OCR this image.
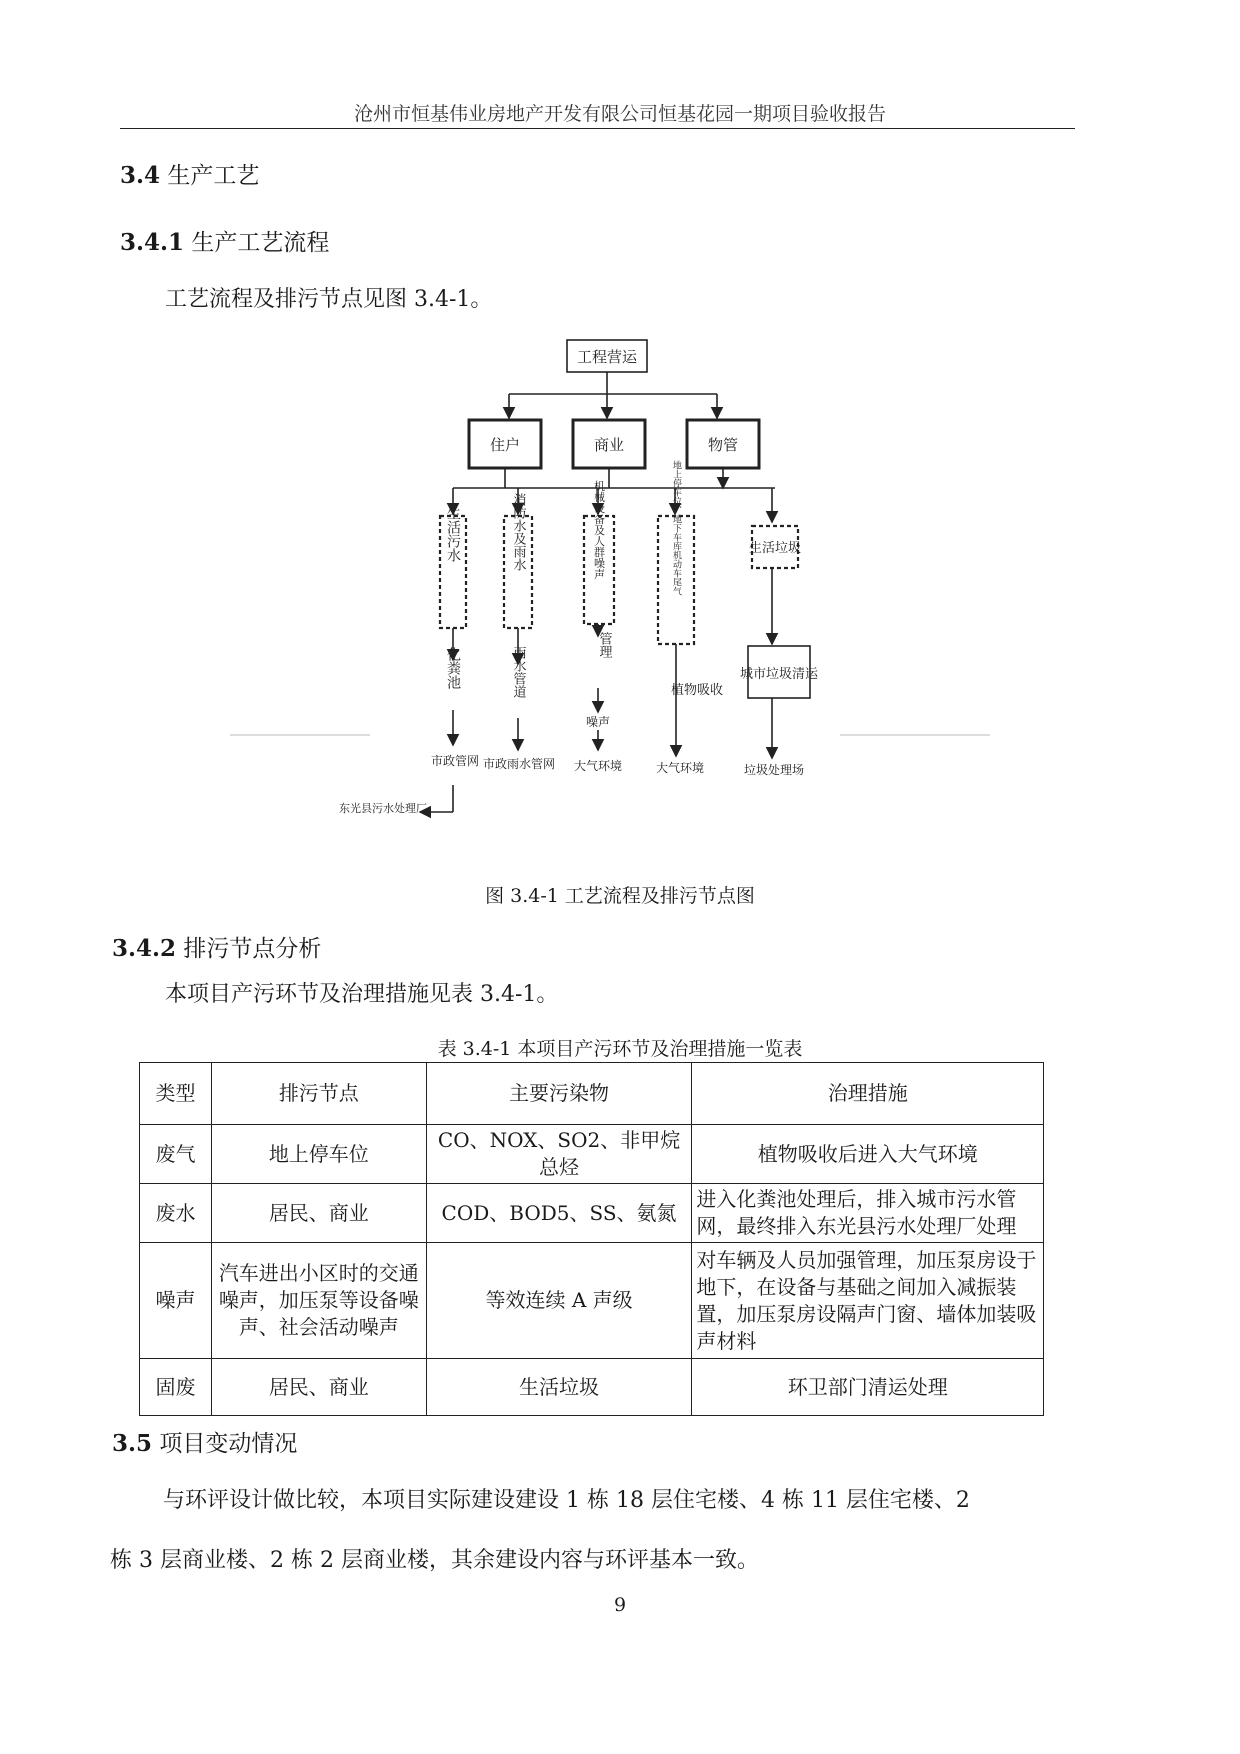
沧州市恒基伟业房地产开发有限公司恒基花园一期项目验收报告
3.4 生产工艺
3.4.1 生产工艺流程
工艺流程及排污节点见图 3.4-1。
工程营运
住户	商业	物管
生活污水	消防水及雨水	机械设备及人群噪声	地上停车位、地下车库机动车尾气	生活垃圾
化粪池	雨水管道
管理
植物吸收
城市垃圾清运
市政管网 市政雨水管网
噪声
大气环境	大气环境	垃圾处理场
东光县污水处理厂
图 3.4-1 工艺流程及排污节点图
3.4.2 排污节点分析
本项目产污环节及治理措施见表 3.4-1。
表 3.4-1 本项目产污环节及治理措施一览表
类型	排污节点	主要污染物	治理措施
废气	地上停车位	CO、NOX、SO2、非甲烷总烃	植物吸收后进入大气环境
废水	居民、商业	COD、BOD5、SS、氨氮	进入化粪池处理后，排入城市污水管网，最终排入东光县污水处理厂处理
噪声	汽车进出小区时的交通噪声，加压泵等设备噪声、社会活动噪声	等效连续 A 声级	对车辆及人员加强管理，加压泵房设于地下，在设备与基础之间加入减振装置，加压泵房设隔声门窗、墙体加装吸声材料
固废	居民、商业	生活垃圾	环卫部门清运处理
3.5 项目变动情况
与环评设计做比较，本项目实际建设建设 1 栋 18 层住宅楼、4 栋 11 层住宅楼、2
栋 3 层商业楼、2 栋 2 层商业楼，其余建设内容与环评基本一致。
9
